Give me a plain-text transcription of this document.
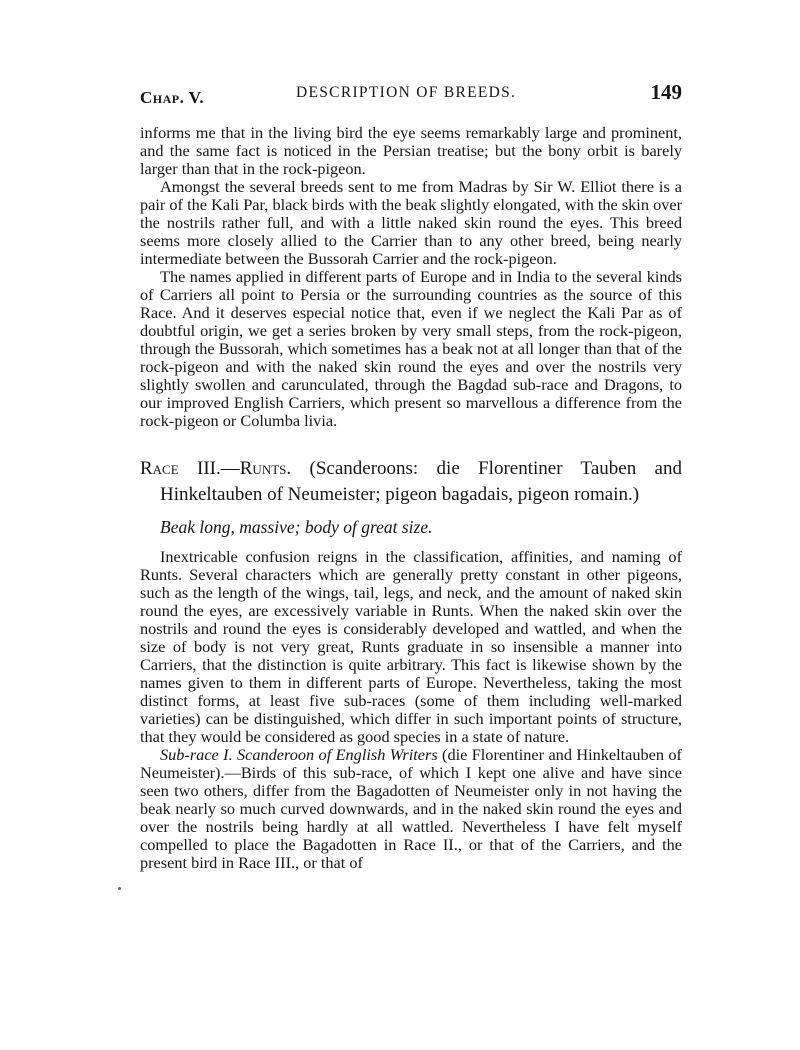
Chap. V.	DESCRIPTION OF BREEDS.	149

informs me that in the living bird the eye seems remarkably large and prominent, and the same fact is noticed in the Persian treatise; but the bony orbit is barely larger than that in the rock-pigeon.

Amongst the several breeds sent to me from Madras by Sir W. Elliot there is a pair of the Kali Par, black birds with the beak slightly elongated, with the skin over the nostrils rather full, and with a little naked skin round the eyes. This breed seems more closely allied to the Carrier than to any other breed, being nearly intermediate between the Bussorah Carrier and the rock-pigeon.

The names applied in different parts of Europe and in India to the several kinds of Carriers all point to Persia or the surrounding countries as the source of this Race. And it deserves especial notice that, even if we neglect the Kali Par as of doubtful origin, we get a series broken by very small steps, from the rock-pigeon, through the Bussorah, which sometimes has a beak not at all longer than that of the rock-pigeon and with the naked skin round the eyes and over the nostrils very slightly swollen and carunculated, through the Bagdad sub-race and Dragons, to our improved English Carriers, which present so marvellous a difference from the rock-pigeon or Columba livia.

Race III.—Runts. (Scanderoons: die Florentiner Tauben and Hinkeltauben of Neumeister; pigeon bagadais, pigeon romain.)
Beak long, massive; body of great size.

Inextricable confusion reigns in the classification, affinities, and naming of Runts. Several characters which are generally pretty constant in other pigeons, such as the length of the wings, tail, legs, and neck, and the amount of naked skin round the eyes, are excessively variable in Runts. When the naked skin over the nostrils and round the eyes is considerably developed and wattled, and when the size of body is not very great, Runts graduate in so insensible a manner into Carriers, that the distinction is quite arbitrary. This fact is likewise shown by the names given to them in different parts of Europe. Nevertheless, taking the most distinct forms, at least five sub-races (some of them including well-marked varieties) can be distinguished, which differ in such important points of structure, that they would be considered as good species in a state of nature.

Sub-race I. Scanderoon of English Writers (die Florentiner and Hinkeltauben of Neumeister).—Birds of this sub-race, of which I kept one alive and have since seen two others, differ from the Bagadotten of Neumeister only in not having the beak nearly so much curved downwards, and in the naked skin round the eyes and over the nostrils being hardly at all wattled. Nevertheless I have felt myself compelled to place the Bagadotten in Race II., or that of the Carriers, and the present bird in Race III., or that of
